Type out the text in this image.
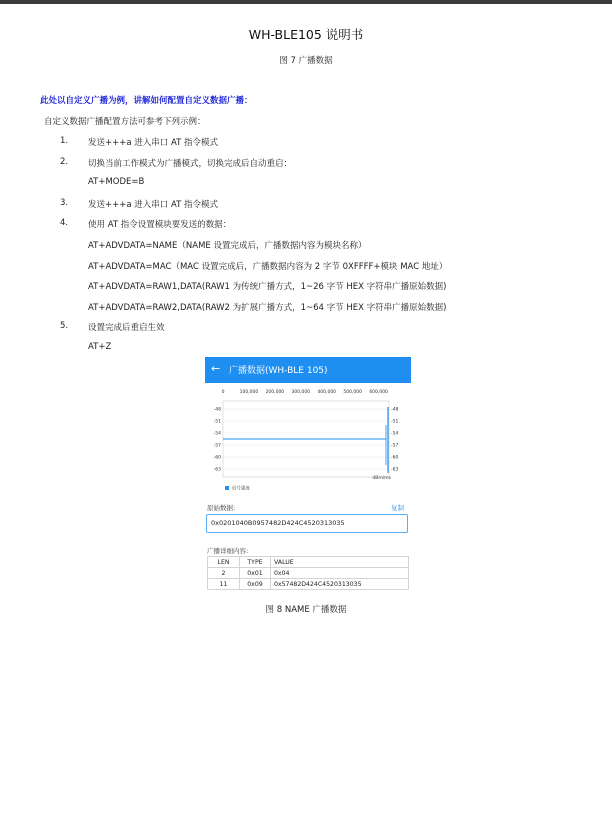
WH-BLE105 说明书
图 7 广播数据
此处以自定义广播为例，讲解如何配置自定义数据广播：
自定义数据广播配置方法可参考下列示例：
1. 发送+++a 进入串口 AT 指令模式
2. 切换当前工作模式为广播模式，切换完成后自动重启：
AT+MODE=B
3. 发送+++a 进入串口 AT 指令模式
4. 使用 AT 指令设置模块要发送的数据：
AT+ADVDATA=NAME（NAME 设置完成后，广播数据内容为模块名称）
AT+ADVDATA=MAC（MAC 设置完成后，广播数据内容为 2 字节 0XFFFF+模块 MAC 地址）
AT+ADVDATA=RAW1,DATA(RAW1 为传统广播方式，1~26 字节 HEX 字符串广播原始数据)
AT+ADVDATA=RAW2,DATA(RAW2 为扩展广播方式，1~64 字节 HEX 字符串广播原始数据)
5. 设置完成后重启生效
AT+Z
← 广播数据(WH-BLE 105)
0	100,000 200,000 300,000 400,000 500,000 600,000
-48	-48
-51	-51
-54	-54
-57	-57
-60	-60
-63	-63
dBm/ms
信号强度
原始数据:	复制
0x0201040B0957482D424C4520313035
广播详细内容:
LEN	TYPE	VALUE
2	0x01	0x04
11	0x09	0x57482D424C4520313035
图 8 NAME 广播数据
